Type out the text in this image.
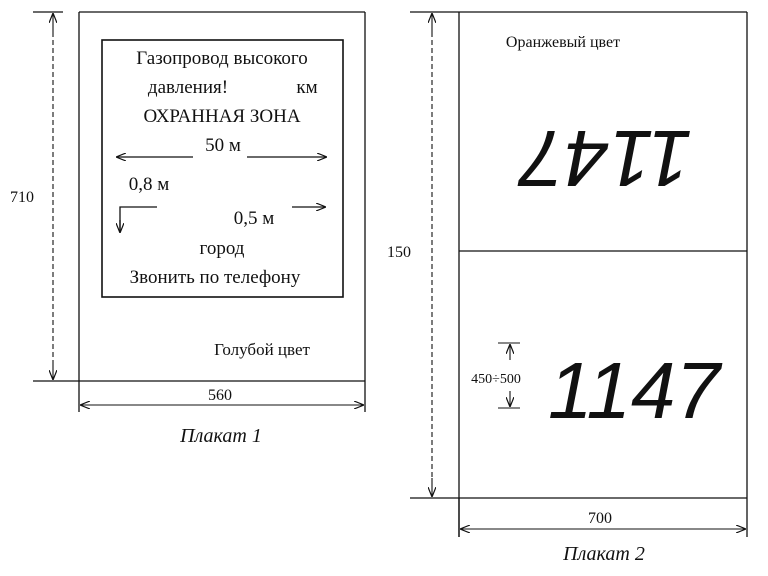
Газопровод высокого
давления!	км
ОХРАННАЯ ЗОНА
50 м
0,8 м
0,5 м
город
Звонить по телефону
Голубой цвет
710
560
Плакат 1
Оранжевый цвет
1147
1147
450÷500
150
700
Плакат 2
